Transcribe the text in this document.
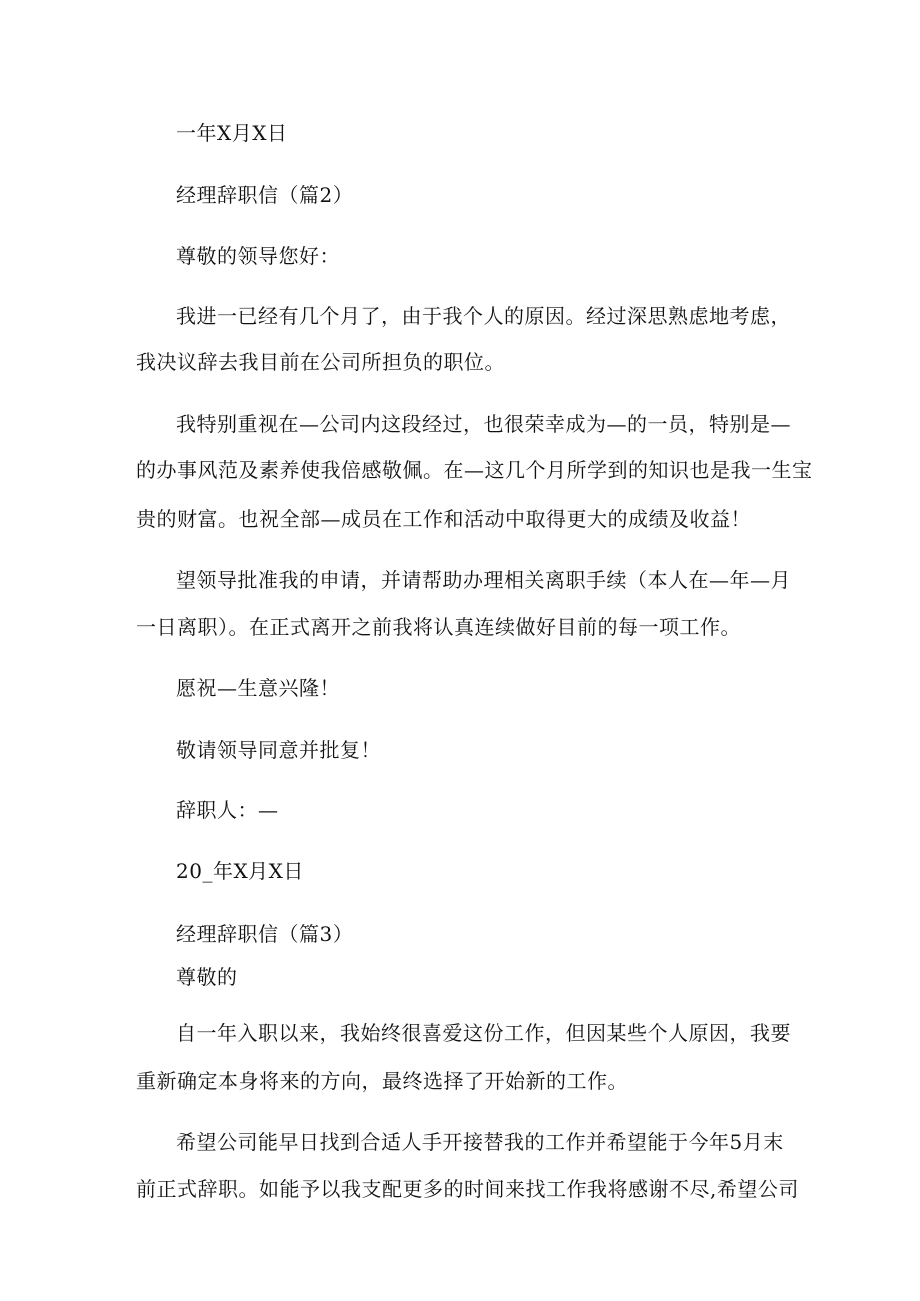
一年X月X日
经理辞职信（篇2）
尊敬的领导您好：
我进一已经有几个月了，由于我个人的原因。经过深思熟虑地考虑，
我决议辞去我目前在公司所担负的职位。
我特别重视在—公司内这段经过，也很荣幸成为—的一员，特别是—
的办事风范及素养使我倍感敬佩。在—这几个月所学到的知识也是我一生宝
贵的财富。也祝全部—成员在工作和活动中取得更大的成绩及收益！
望领导批准我的申请，并请帮助办理相关离职手续（本人在—年—月
一日离职）。在正式离开之前我将认真连续做好目前的每一项工作。
愿祝—生意兴隆！
敬请领导同意并批复！
辞职人：—
20_年X月X日
经理辞职信（篇3）
尊敬的
自一年入职以来，我始终很喜爱这份工作，但因某些个人原因，我要
重新确定本身将来的方向，最终选择了开始新的工作。
希望公司能早日找到合适人手开接替我的工作并希望能于今年5月末
前正式辞职。如能予以我支配更多的时间来找工作我将感谢不尽,希望公司
